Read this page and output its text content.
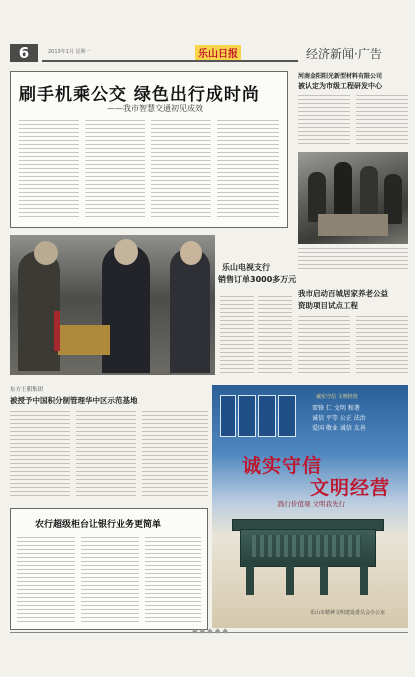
6	乐山日报
2013年1月 星期一	经济新闻·广告
刷手机乘公交 绿色出行成时尚
——我市智慧交通初见成效
河南金阳阳光新型材料有限公司
被认定为市级工程研发中心
乐山电视支行
销售订单3000多万元
我市启动百城居家养老公益
资助项目试点工程
东方王朝集团
被授予中国积分制管理华中区示范基地
农行超级柜台让银行业务更简单
诚实守信 文明经营
雷锋 仁 文明 和谐
诚信 平等 公正 法治
爱国 敬业 诚信 友善
诚实守信
文明经营
践行价值观 文明我先行
乐山市精神文明建设委员会办公室
◆ ◆ ◆ ◆ ◆
